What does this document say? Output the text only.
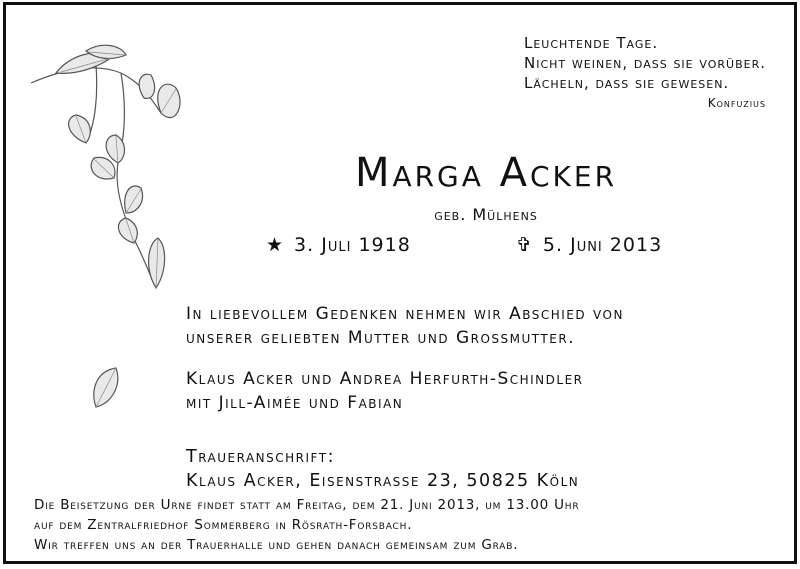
Leuchtende Tage.
Nicht weinen, dass sie vorüber.
Lächeln, dass sie gewesen.
Konfuzius
Marga Acker
geb. Mülhens
★ 3. Juli 1918	✞ 5. Juni 2013
In liebevollem Gedenken nehmen wir Abschied von
unserer geliebten Mutter und Grossmutter.
Klaus Acker und Andrea Herfurth-Schindler
mit Jill-Aimée und Fabian
Traueranschrift:
Klaus Acker, Eisenstrasse 23, 50825 Köln
Die Beisetzung der Urne findet statt am Freitag, dem 21. Juni 2013, um 13.00 Uhr
auf dem Zentralfriedhof Sommerberg in Rösrath-Forsbach.
Wir treffen uns an der Trauerhalle und gehen danach gemeinsam zum Grab.
